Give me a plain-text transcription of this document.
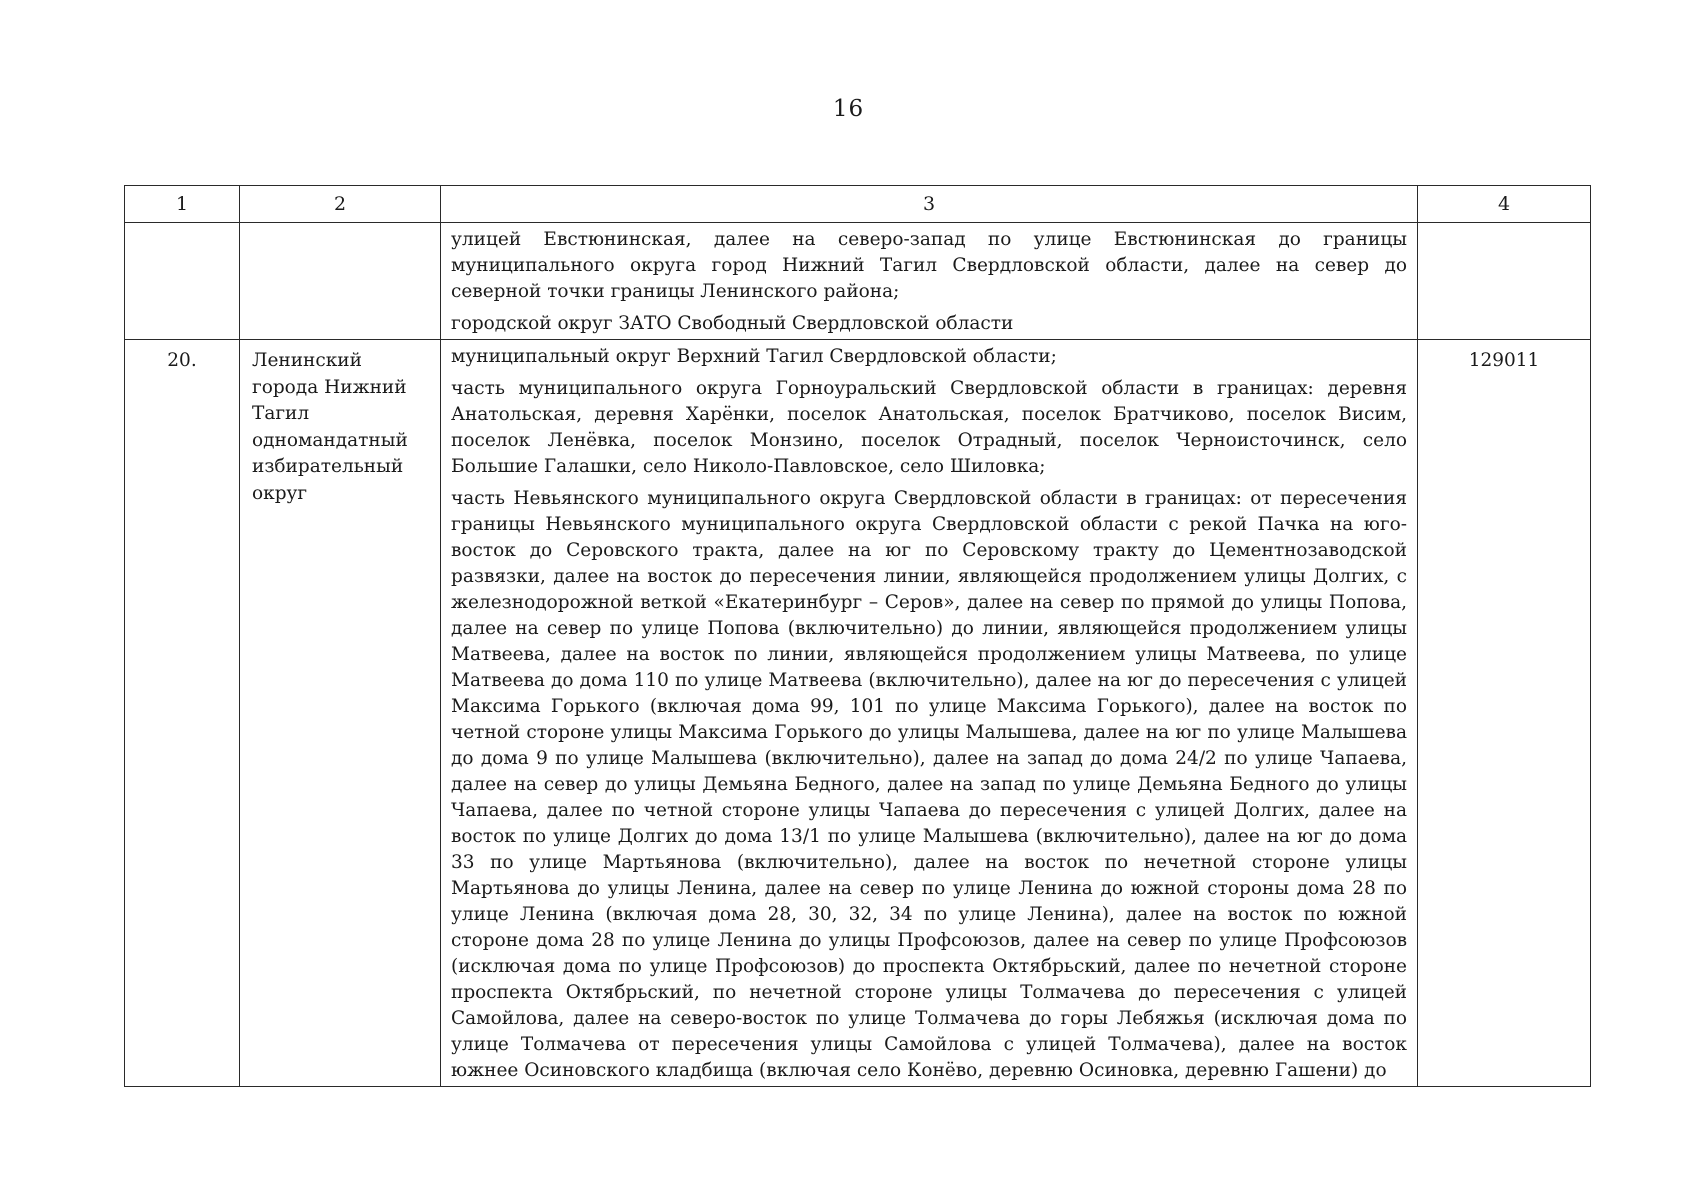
16
1	2	3	4

		улицей Евстюнинская, далее на северо-запад по улице Евстюнинская до границы муниципального округа город Нижний Тагил Свердловской области, далее на север до северной точки границы Ленинского района;

городской округ ЗАТО Свободный Свердловской области	

20.	Ленинский города Нижний Тагил одномандатный избирательный округ	муниципальный округ Верхний Тагил Свердловской области;

часть муниципального округа Горноуральский Свердловской области в границах: деревня Анатольская, деревня Харёнки, поселок Анатольская, поселок Братчиково, поселок Висим, поселок Ленёвка, поселок Монзино, поселок Отрадный, поселок Черноисточинск, село Большие Галашки, село Николо-Павловское, село Шиловка;

часть Невьянского муниципального округа Свердловской области в границах: от пересечения границы Невьянского муниципального округа Свердловской области с рекой Пачка на юго-восток до Серовского тракта, далее на юг по Серовскому тракту до Цементнозаводской развязки, далее на восток до пересечения линии, являющейся продолжением улицы Долгих, с железнодорожной веткой «Екатеринбург – Серов», далее на север по прямой до улицы Попова, далее на север по улице Попова (включительно) до линии, являющейся продолжением улицы Матвеева, далее на восток по линии, являющейся продолжением улицы Матвеева, по улице Матвеева до дома 110 по улице Матвеева (включительно), далее на юг до пересечения с улицей Максима Горького (включая дома 99, 101 по улице Максима Горького), далее на восток по четной стороне улицы Максима Горького до улицы Малышева, далее на юг по улице Малышева до дома 9 по улице Малышева (включительно), далее на запад до дома 24/2 по улице Чапаева, далее на север до улицы Демьяна Бедного, далее на запад по улице Демьяна Бедного до улицы Чапаева, далее по четной стороне улицы Чапаева до пересечения с улицей Долгих, далее на восток по улице Долгих до дома 13/1 по улице Малышева (включительно), далее на юг до дома 33 по улице Мартьянова (включительно), далее на восток по нечетной стороне улицы Мартьянова до улицы Ленина, далее на север по улице Ленина до южной стороны дома 28 по улице Ленина (включая дома 28, 30, 32, 34 по улице Ленина), далее на восток по южной стороне дома 28 по улице Ленина до улицы Профсоюзов, далее на север по улице Профсоюзов (исключая дома по улице Профсоюзов) до проспекта Октябрьский, далее по нечетной стороне проспекта Октябрьский, по нечетной стороне улицы Толмачева до пересечения с улицей Самойлова, далее на северо-восток по улице Толмачева до горы Лебяжья (исключая дома по улице Толмачева от пересечения улицы Самойлова с улицей Толмачева), далее на восток южнее Осиновского кладбища (включая село Конёво, деревню Осиновка, деревню Гашени) до	129011
